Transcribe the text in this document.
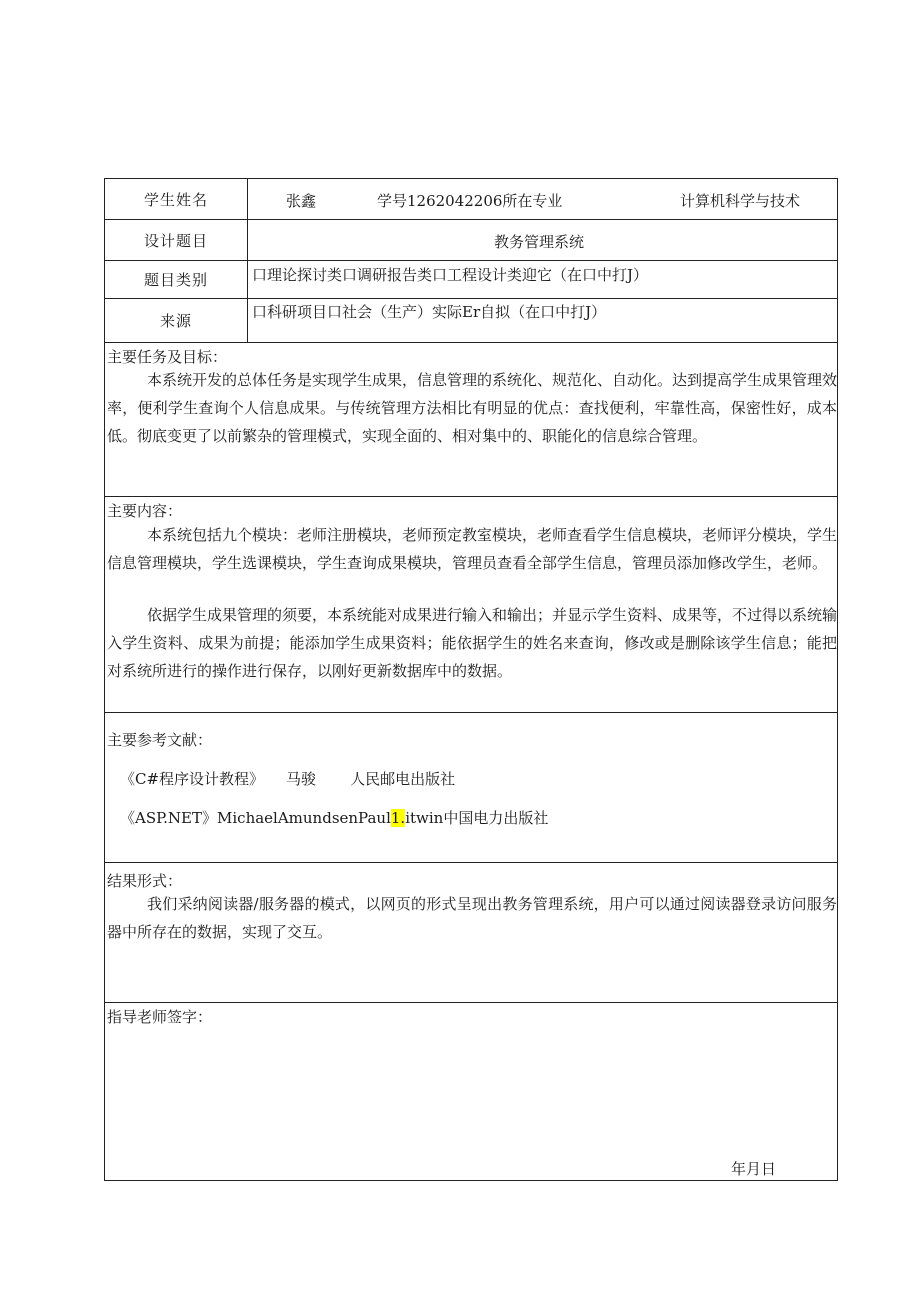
学生姓名	张鑫	学号1262042206所在专业	计算机科学与技术
设计题目	教务管理系统
题目类别	口理论探讨类口调研报告类口工程设计类迎它（在口中打J）
来源	口科研项目口社会（生产）实际Er自拟（在口中打J）
主要任务及目标：

本系统开发的总体任务是实现学生成果，信息管理的系统化、规范化、自动化。达到提高学生成果管理效率，便利学生查询个人信息成果。与传统管理方法相比有明显的优点：查找便利，牢靠性高，保密性好，成本低。彻底变更了以前繁杂的管理模式，实现全面的、相对集中的、职能化的信息综合管理。

主要内容：

本系统包括九个模块：老师注册模块，老师预定教室模块，老师查看学生信息模块，老师评分模块，学生信息管理模块，学生选课模块，学生查询成果模块，管理员查看全部学生信息，管理员添加修改学生，老师。

依据学生成果管理的须要，本系统能对成果进行输入和输出；并显示学生资料、成果等，不过得以系统输入学生资料、成果为前提；能添加学生成果资料；能依据学生的姓名来查询，修改或是删除该学生信息；能把对系统所进行的操作进行保存，以刚好更新数据库中的数据。

主要参考文献：
《C#程序设计教程》 马骏 人民邮电出版社
《ASP.NET》MichaelAmundsenPaul1.itwin中国电力出版社
结果形式：

我们采纳阅读器/服务器的模式，以网页的形式呈现出教务管理系统，用户可以通过阅读器登录访问服务器中所存在的数据，实现了交互。

指导老师签字：
年月日
